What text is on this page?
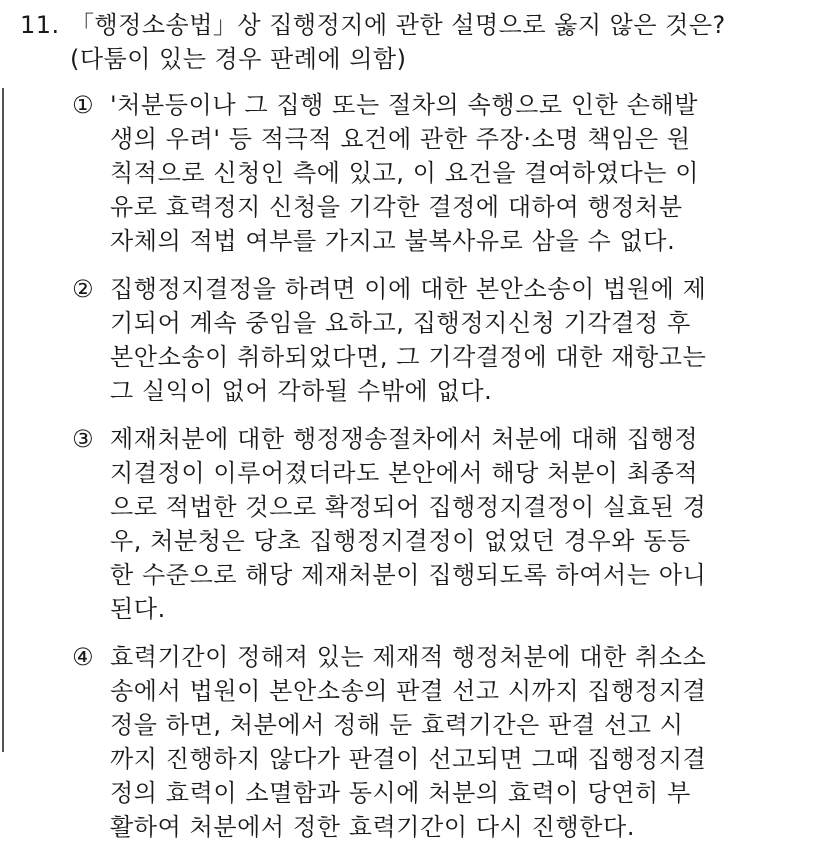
11. 「행정소송법」상 집행정지에 관한 설명으로 옳지 않은 것은?
(다툼이 있는 경우 판례에 의함)
① '처분등이나 그 집행 또는 절차의 속행으로 인한 손해발
생의 우려' 등 적극적 요건에 관한 주장·소명 책임은 원
칙적으로 신청인 측에 있고, 이 요건을 결여하였다는 이
유로 효력정지 신청을 기각한 결정에 대하여 행정처분
자체의 적법 여부를 가지고 불복사유로 삼을 수 없다.
② 집행정지결정을 하려면 이에 대한 본안소송이 법원에 제
기되어 계속 중임을 요하고, 집행정지신청 기각결정 후
본안소송이 취하되었다면, 그 기각결정에 대한 재항고는
그 실익이 없어 각하될 수밖에 없다.
③ 제재처분에 대한 행정쟁송절차에서 처분에 대해 집행정
지결정이 이루어졌더라도 본안에서 해당 처분이 최종적
으로 적법한 것으로 확정되어 집행정지결정이 실효된 경
우, 처분청은 당초 집행정지결정이 없었던 경우와 동등
한 수준으로 해당 제재처분이 집행되도록 하여서는 아니
된다.
④ 효력기간이 정해져 있는 제재적 행정처분에 대한 취소소
송에서 법원이 본안소송의 판결 선고 시까지 집행정지결
정을 하면, 처분에서 정해 둔 효력기간은 판결 선고 시
까지 진행하지 않다가 판결이 선고되면 그때 집행정지결
정의 효력이 소멸함과 동시에 처분의 효력이 당연히 부
활하여 처분에서 정한 효력기간이 다시 진행한다.
